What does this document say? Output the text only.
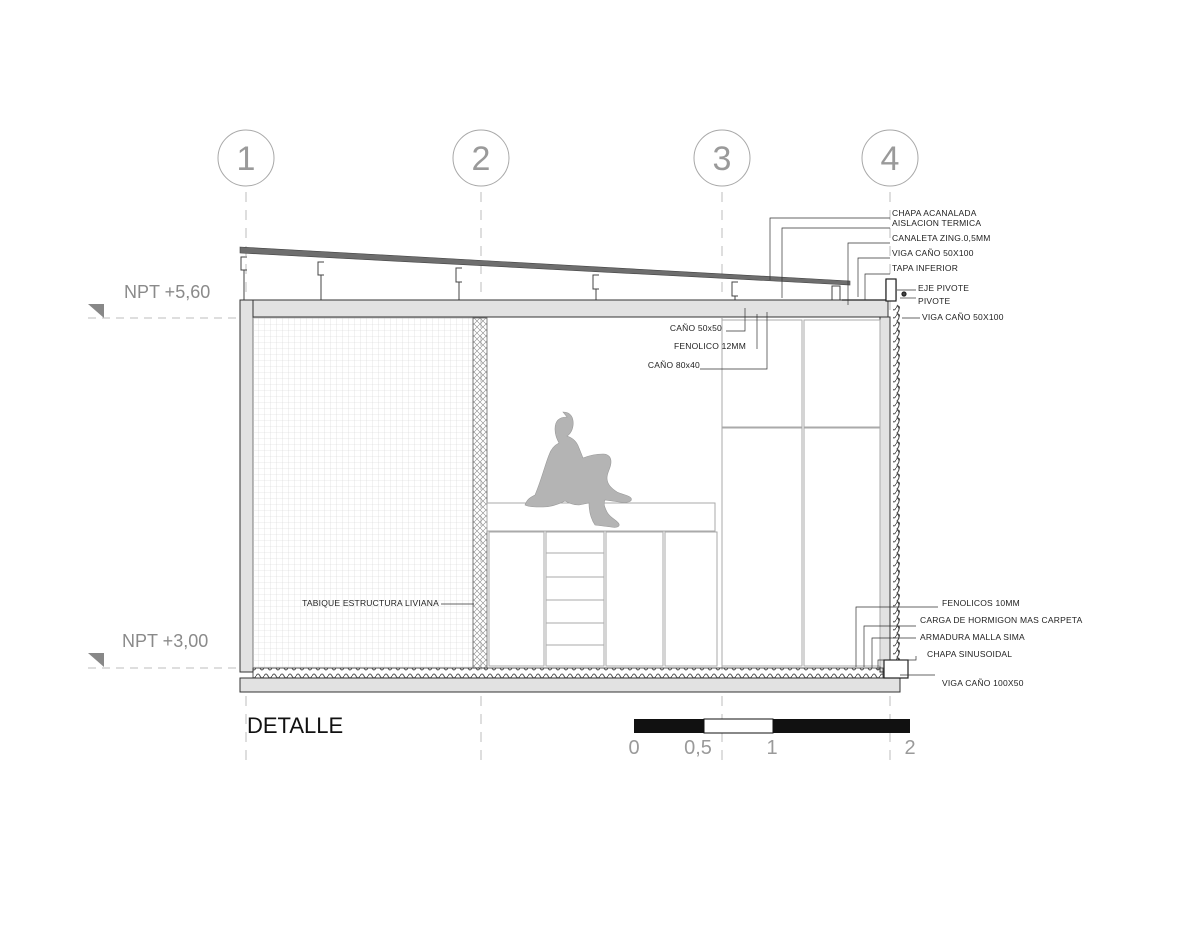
1	2	3	4
NPT +5,60
NPT +3,00
CHAPA ACANALADA
AISLACION TERMICA
CANALETA ZING.0,5MM
VIGA CAÑO 50X100
TAPA INFERIOR
EJE PIVOTE
PIVOTE
VIGA CAÑO 50X100
CAÑO 50x50
FENOLICO 12MM
CAÑO 80x40
TABIQUE ESTRUCTURA LIVIANA	FENOLICOS 10MM
CARGA DE HORMIGON MAS CARPETA
ARMADURA MALLA SIMA
CHAPA SINUSOIDAL
VIGA CAÑO 100X50
DETALLE
0 0,5	1	2
